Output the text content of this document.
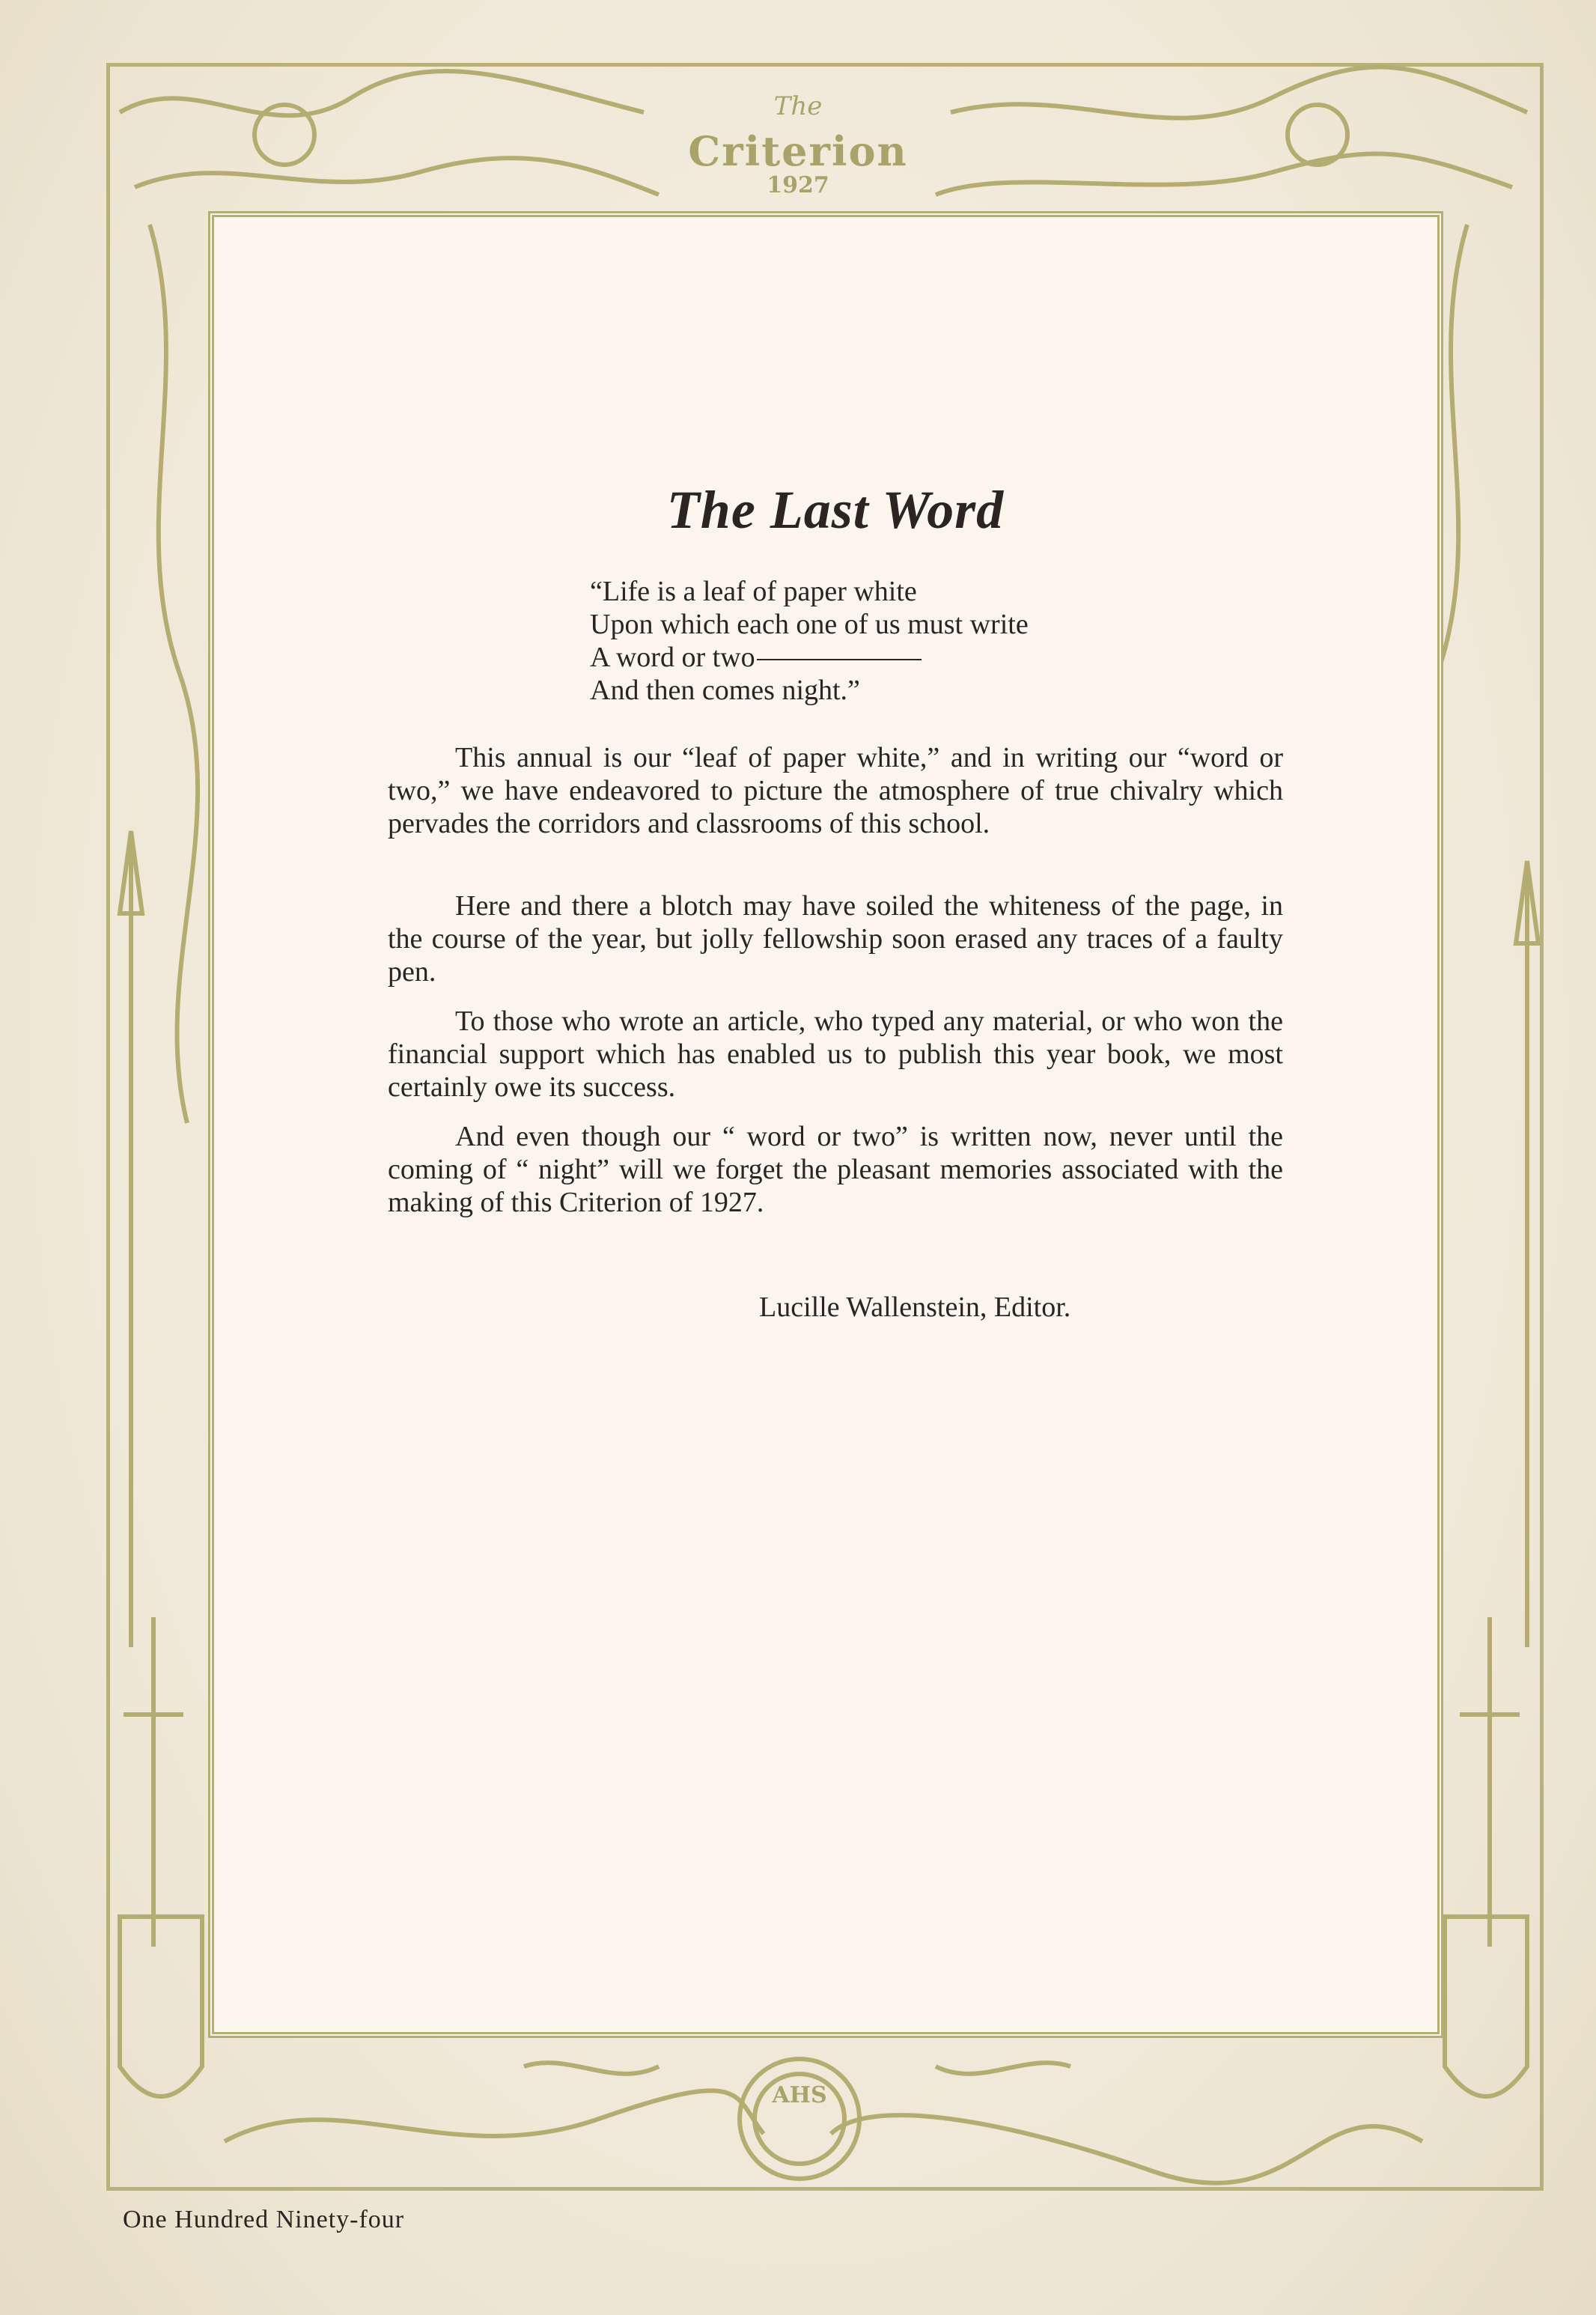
AHS
The
Criterion
1927
The Last Word
“Life is a leaf of paper white
Upon which each one of us must write
A word or two
And then comes night.”

This annual is our “leaf of paper white,” and in writing our “word or two,” we have endeavored to picture the atmosphere of true chivalry which pervades the corridors and classrooms of this school.

Here and there a blotch may have soiled the whiteness of the page, in the course of the year, but jolly fellowship soon erased any traces of a faulty pen.

To those who wrote an article, who typed any material, or who won the financial support which has enabled us to publish this year book, we most certainly owe its success.

And even though our “ word or two” is written now, never until the coming of “ night” will we forget the pleasant memories associated with the making of this Criterion of 1927.

Lucille Wallenstein, Editor.
One Hundred Ninety-four
